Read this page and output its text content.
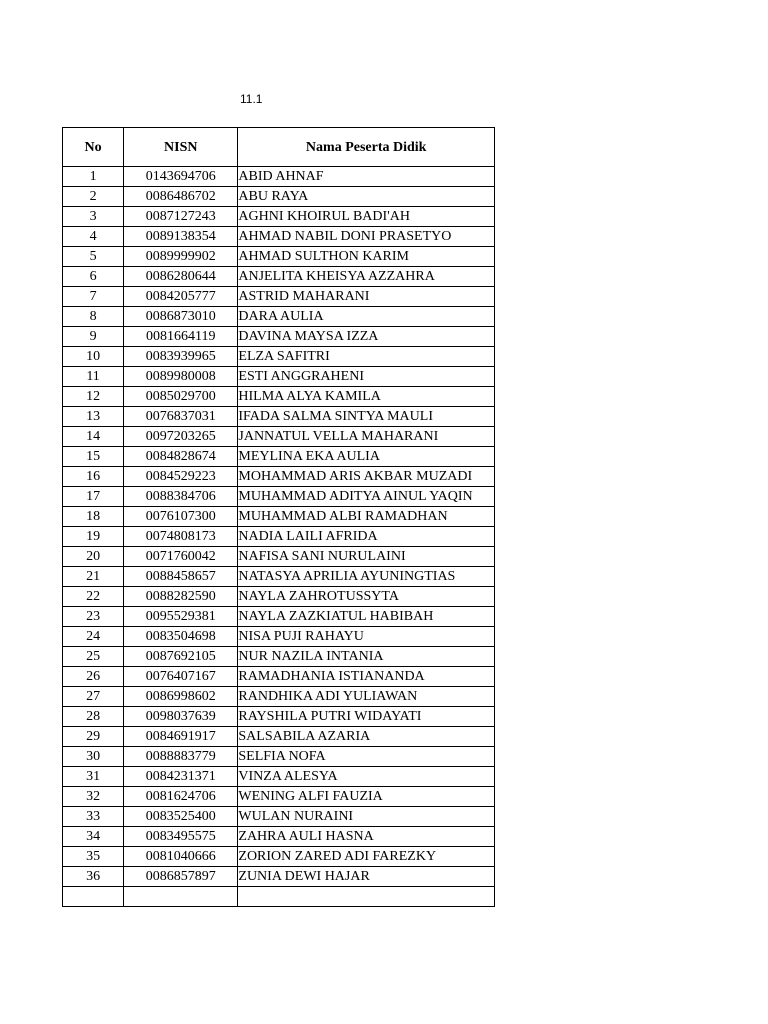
11.1
No	NISN	Nama Peserta Didik
1	0143694706	ABID AHNAF
2	0086486702	ABU RAYA
3	0087127243	AGHNI KHOIRUL BADI'AH
4	0089138354	AHMAD NABIL DONI PRASETYO
5	0089999902	AHMAD SULTHON KARIM
6	0086280644	ANJELITA KHEISYA AZZAHRA
7	0084205777	ASTRID MAHARANI
8	0086873010	DARA AULIA
9	0081664119	DAVINA MAYSA IZZA
10	0083939965	ELZA SAFITRI
11	0089980008	ESTI ANGGRAHENI
12	0085029700	HILMA ALYA KAMILA
13	0076837031	IFADA SALMA SINTYA MAULI
14	0097203265	JANNATUL VELLA MAHARANI
15	0084828674	MEYLINA EKA AULIA
16	0084529223	MOHAMMAD ARIS AKBAR MUZADI
17	0088384706	MUHAMMAD ADITYA AINUL YAQIN
18	0076107300	MUHAMMAD ALBI RAMADHAN
19	0074808173	NADIA LAILI AFRIDA
20	0071760042	NAFISA SANI NURULAINI
21	0088458657	NATASYA APRILIA AYUNINGTIAS
22	0088282590	NAYLA ZAHROTUSSYTA
23	0095529381	NAYLA ZAZKIATUL HABIBAH
24	0083504698	NISA PUJI RAHAYU
25	0087692105	NUR NAZILA INTANIA
26	0076407167	RAMADHANIA ISTIANANDA
27	0086998602	RANDHIKA ADI YULIAWAN
28	0098037639	RAYSHILA PUTRI WIDAYATI
29	0084691917	SALSABILA AZARIA
30	0088883779	SELFIA NOFA
31	0084231371	VINZA ALESYA
32	0081624706	WENING ALFI FAUZIA
33	0083525400	WULAN NURAINI
34	0083495575	ZAHRA AULI HASNA
35	0081040666	ZORION ZARED ADI FAREZKY
36	0086857897	ZUNIA DEWI HAJAR
